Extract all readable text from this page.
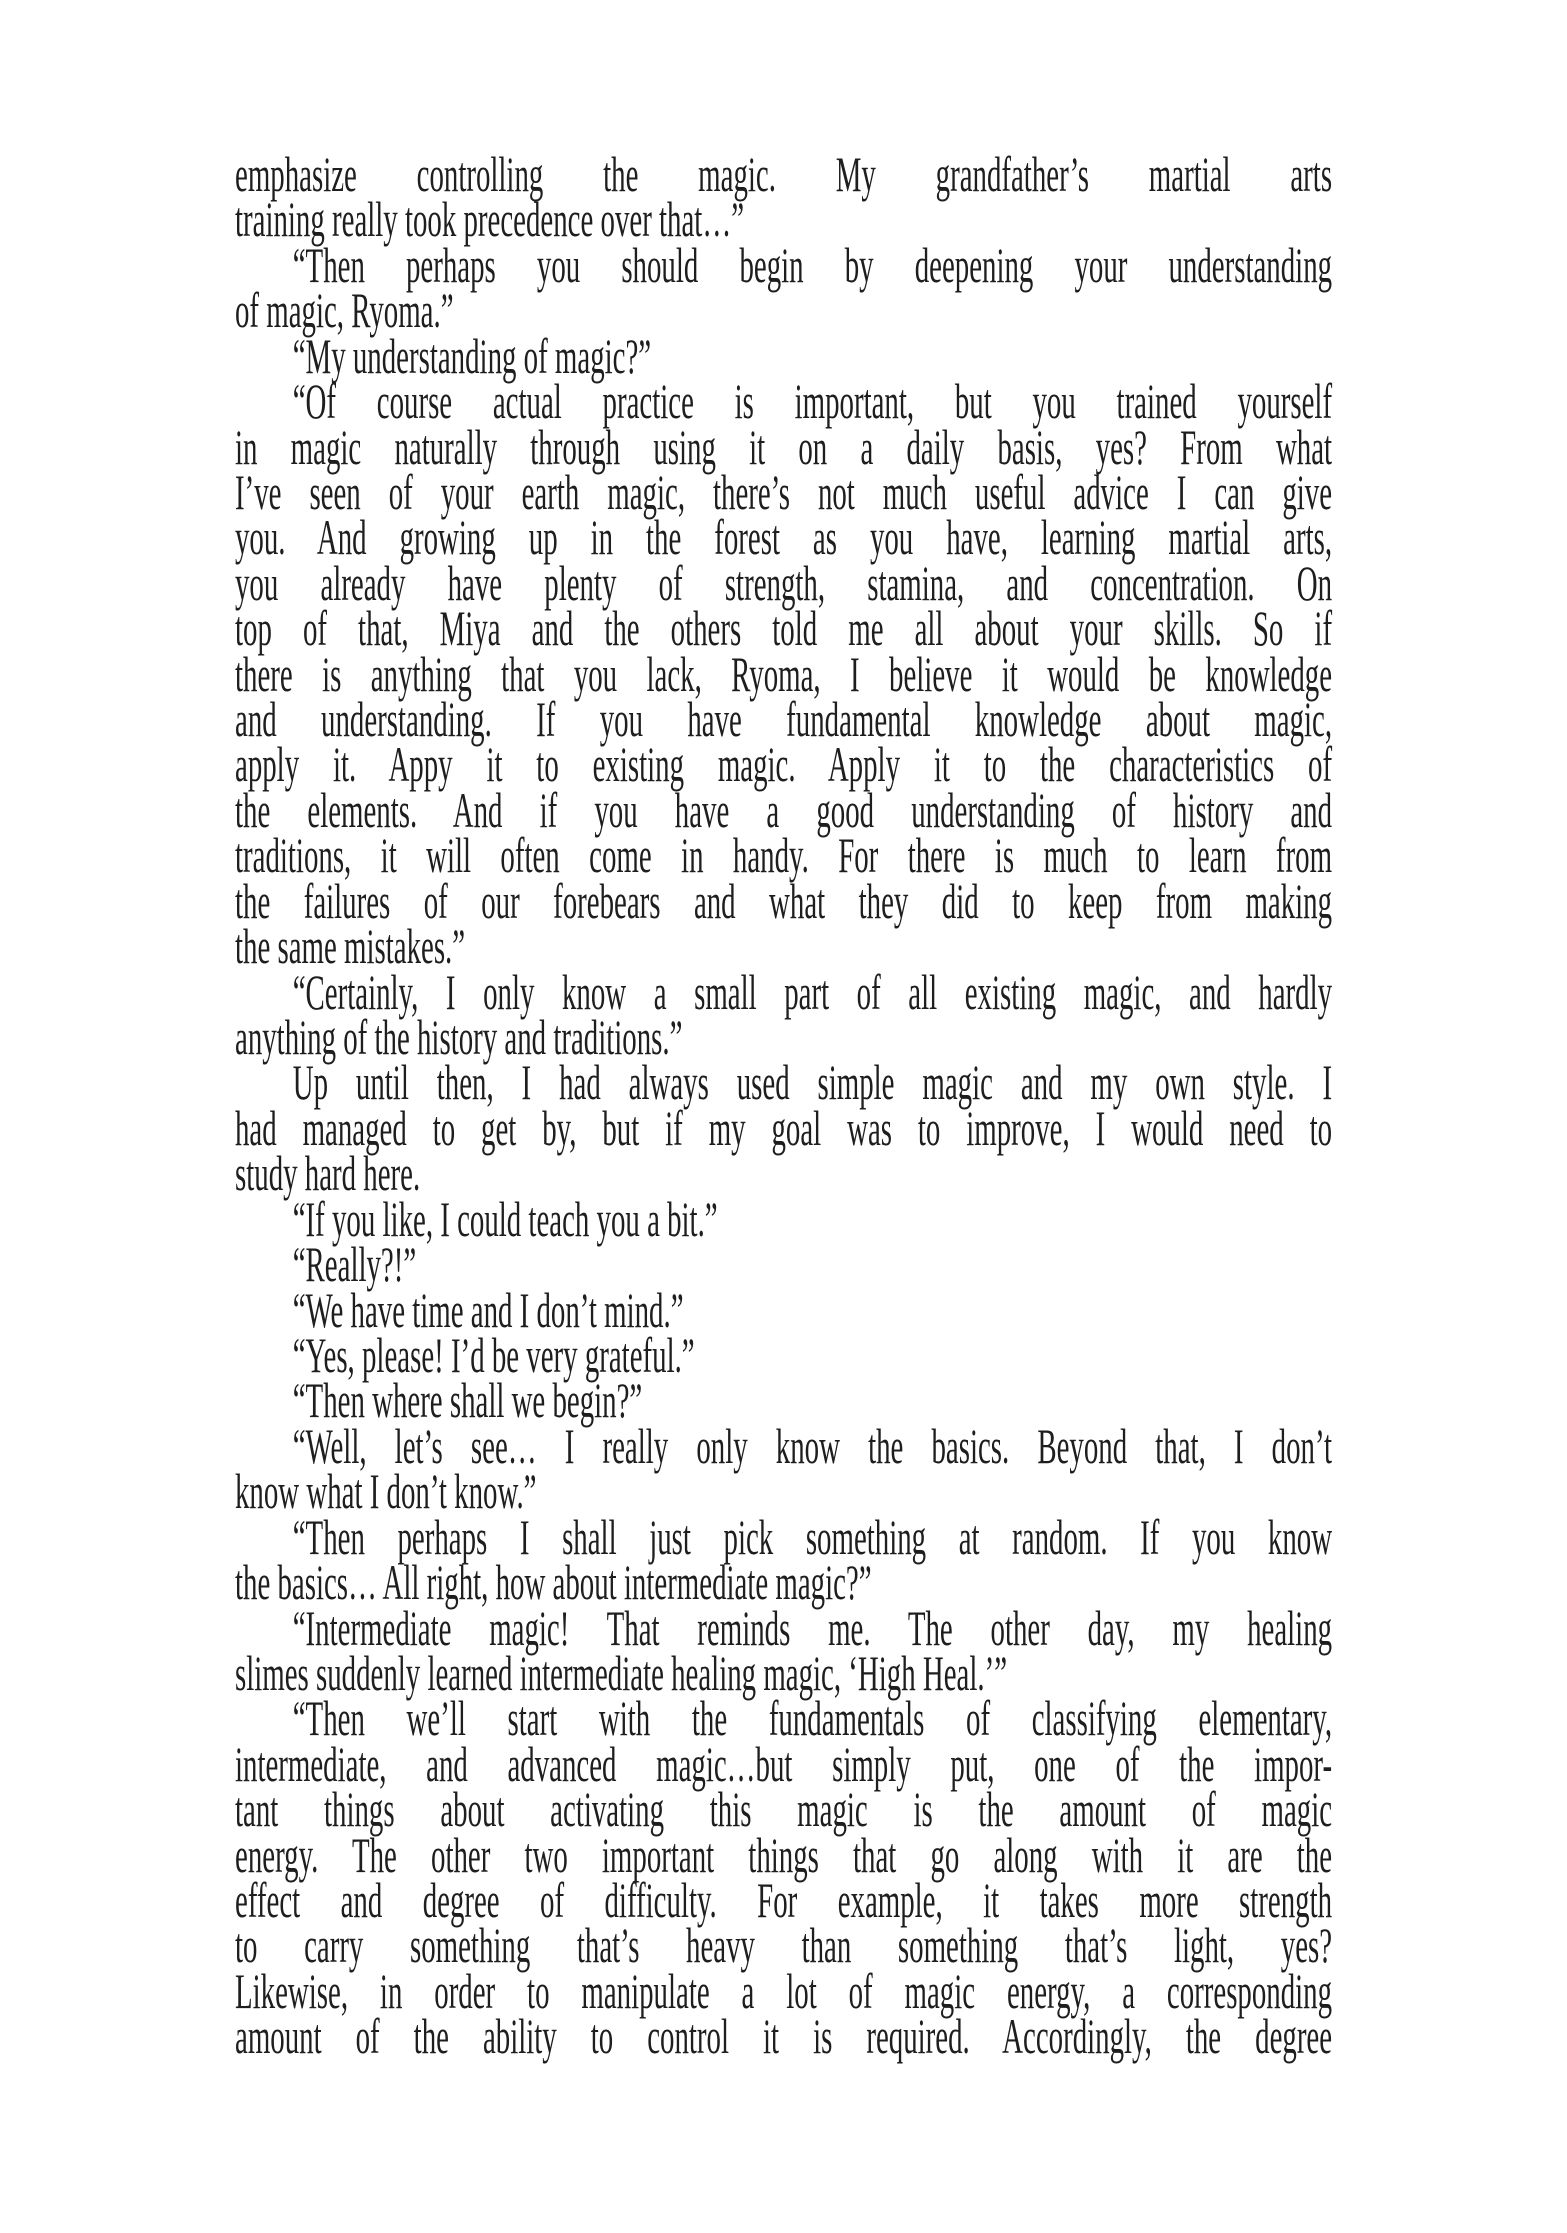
emphasize controlling the magic. My grandfather’s martial arts
training really took precedence over that…”
“Then perhaps you should begin by deepening your understanding
of magic, Ryoma.”
“My understanding of magic?”
“Of course actual practice is important, but you trained yourself
in magic naturally through using it on a daily basis, yes? From what
I’ve seen of your earth magic, there’s not much useful advice I can give
you. And growing up in the forest as you have, learning martial arts,
you already have plenty of strength, stamina, and concentration. On
top of that, Miya and the others told me all about your skills. So if
there is anything that you lack, Ryoma, I believe it would be knowledge
and understanding. If you have fundamental knowledge about magic,
apply it. Appy it to existing magic. Apply it to the characteristics of
the elements. And if you have a good understanding of history and
traditions, it will often come in handy. For there is much to learn from
the failures of our forebears and what they did to keep from making
the same mistakes.”
“Certainly, I only know a small part of all existing magic, and hardly
anything of the history and traditions.”
Up until then, I had always used simple magic and my own style. I
had managed to get by, but if my goal was to improve, I would need to
study hard here.
“If you like, I could teach you a bit.”
“Really?!”
“We have time and I don’t mind.”
“Yes, please! I’d be very grateful.”
“Then where shall we begin?”
“Well, let’s see… I really only know the basics. Beyond that, I don’t
know what I don’t know.”
“Then perhaps I shall just pick something at random. If you know
the basics… All right, how about intermediate magic?”
“Intermediate magic! That reminds me. The other day, my healing
slimes suddenly learned intermediate healing magic, ‘High Heal.’”
“Then we’ll start with the fundamentals of classifying elementary,
intermediate, and advanced magic…but simply put, one of the impor-
tant things about activating this magic is the amount of magic
energy. The other two important things that go along with it are the
effect and degree of difficulty. For example, it takes more strength
to carry something that’s heavy than something that’s light, yes?
Likewise, in order to manipulate a lot of magic energy, a corresponding
amount of the ability to control it is required. Accordingly, the degree
